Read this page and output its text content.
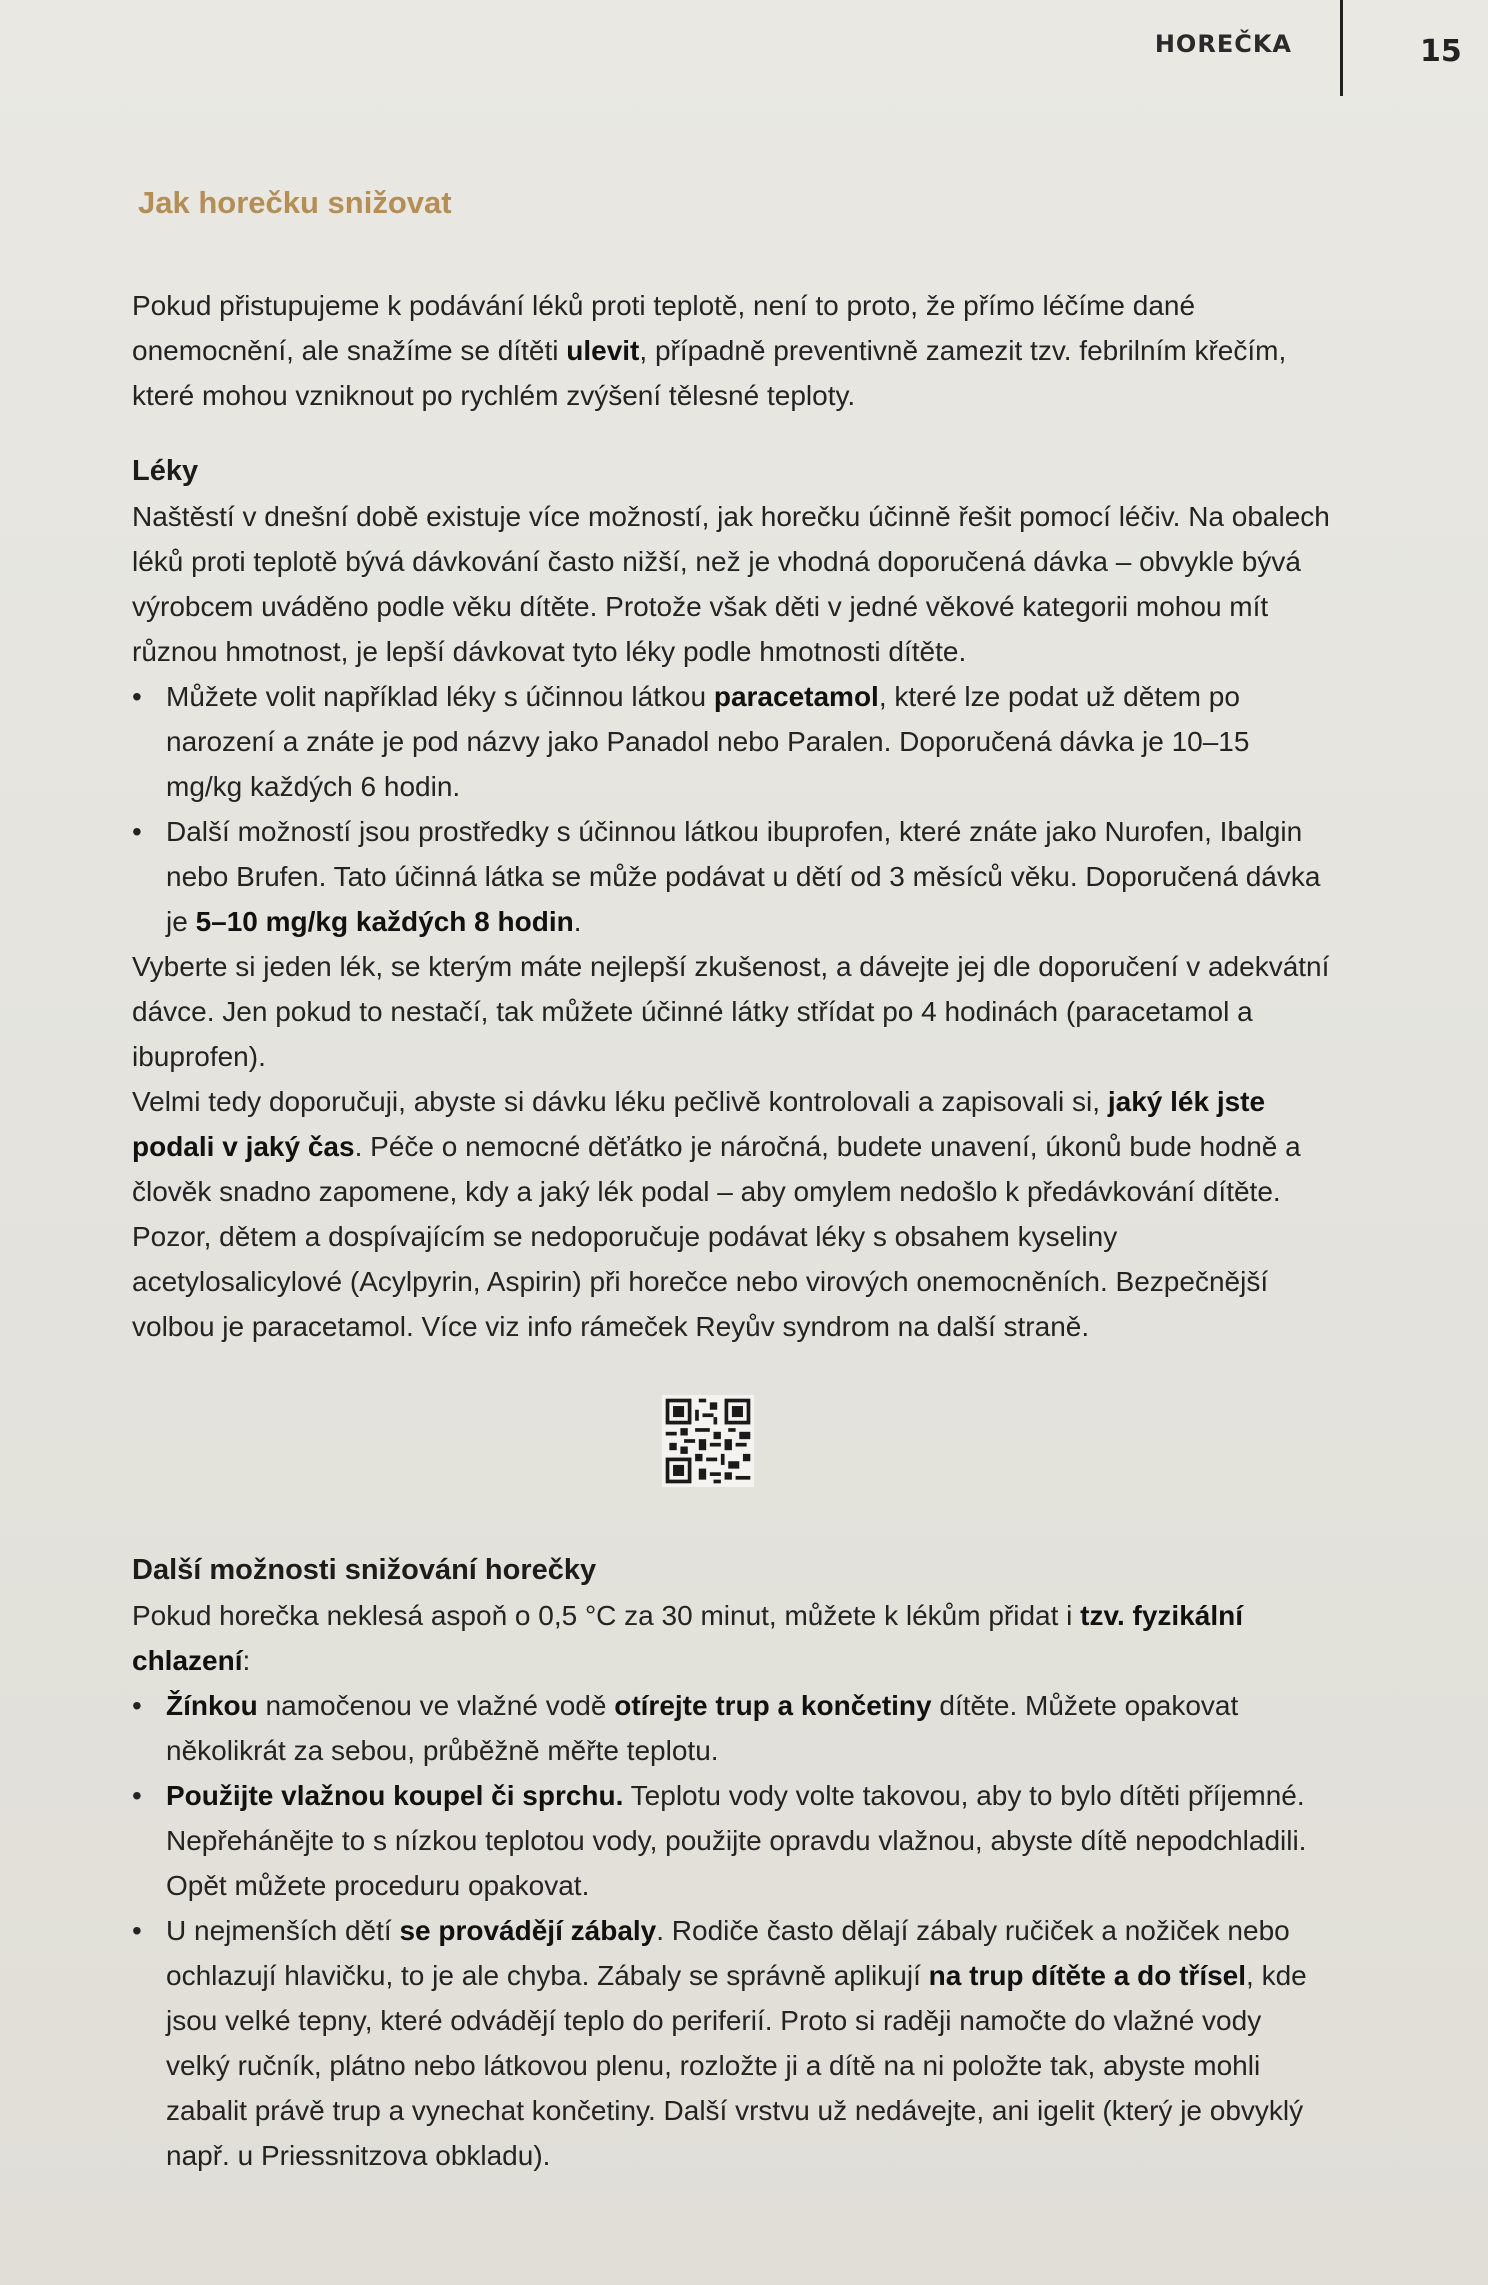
HOREČKA	15
Jak horečku snižovat

Pokud přistupujeme k podávání léků proti teplotě, není to proto, že přímo léčíme dané onemocnění, ale snažíme se dítěti ulevit, případně preventivně zamezit tzv. febrilním křečím, které mohou vzniknout po rychlém zvýšení tělesné teploty.

Léky

Naštěstí v dnešní době existuje více možností, jak horečku účinně řešit pomocí léčiv. Na obalech léků proti teplotě bývá dávkování často nižší, než je vhodná doporučená dávka – obvykle bývá výrobcem uváděno podle věku dítěte. Protože však děti v jedné věkové kategorii mohou mít různou hmotnost, je lepší dávkovat tyto léky podle hmotnosti dítěte.

• Můžete volit například léky s účinnou látkou paracetamol, které lze podat už dětem po narození a znáte je pod názvy jako Panadol nebo Paralen. Doporučená dávka je 10–15 mg/kg každých 6 hodin.
• Další možností jsou prostředky s účinnou látkou ibuprofen, které znáte jako Nurofen, Ibalgin nebo Brufen. Tato účinná látka se může podávat u dětí od 3 měsíců věku. Doporučená dávka je 5–10 mg/kg každých 8 hodin.

Vyberte si jeden lék, se kterým máte nejlepší zkušenost, a dávejte jej dle doporučení v adekvátní dávce. Jen pokud to nestačí, tak můžete účinné látky střídat po 4 hodinách (paracetamol a ibuprofen).

Velmi tedy doporučuji, abyste si dávku léku pečlivě kontrolovali a zapisovali si, jaký lék jste podali v jaký čas. Péče o nemocné děťátko je náročná, budete unavení, úkonů bude hodně a člověk snadno zapomene, kdy a jaký lék podal – aby omylem nedošlo k předávkování dítěte.

Pozor, dětem a dospívajícím se nedoporučuje podávat léky s obsahem kyseliny acetylosalicylové (Acylpyrin, Aspirin) při horečce nebo virových onemocněních. Bezpečnější volbou je paracetamol. Více viz info rámeček Reyův syndrom na další straně.

Další možnosti snižování horečky

Pokud horečka neklesá aspoň o 0,5 °C za 30 minut, můžete k lékům přidat i tzv. fyzikální chlazení:

• Žínkou namočenou ve vlažné vodě otírejte trup a končetiny dítěte. Můžete opakovat několikrát za sebou, průběžně měřte teplotu.
• Použijte vlažnou koupel či sprchu. Teplotu vody volte takovou, aby to bylo dítěti příjemné. Nepřehánějte to s nízkou teplotou vody, použijte opravdu vlažnou, abyste dítě nepodchladili. Opět můžete proceduru opakovat.
• U nejmenších dětí se provádějí zábaly. Rodiče často dělají zábaly ručiček a nožiček nebo ochlazují hlavičku, to je ale chyba. Zábaly se správně aplikují na trup dítěte a do třísel, kde jsou velké tepny, které odvádějí teplo do periferií. Proto si raději namočte do vlažné vody velký ručník, plátno nebo látkovou plenu, rozložte ji a dítě na ni položte tak, abyste mohli zabalit právě trup a vynechat končetiny. Další vrstvu už nedávejte, ani igelit (který je obvyklý např. u Priessnitzova obkladu).
